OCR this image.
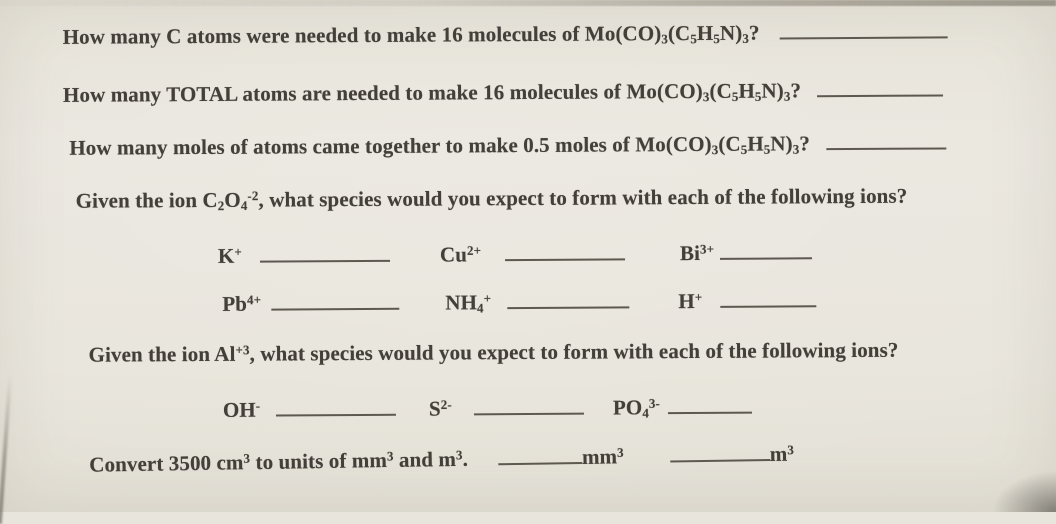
How many C atoms were needed to make 16 molecules of $Mo(CO)_3(C_5H_5N)_3$?
How many TOTAL atoms are needed to make 16 molecules of $Mo(CO)_3(C_5H_5N)_3$?
How many moles of atoms came together to make 0.5 moles of $Mo(CO)_3(C_5H_5N)_3$?
Given the ion $C_2O_4^{-2}$, what species would you expect to form with each of the following ions?
K+	$Cu^{2+}$	$Bi^{3+}$
$Pb^{4+}$	$NH_4^+$	H+
Given the ion $Al^{+3}$, what species would you expect to form with each of the following ions?
OH-	$S^{2-}$	$PO_4^{3-}$
Convert 3500 $cm^3$ to units of $mm^3$ and $m^3$.	$mm^3$	$m^3$
